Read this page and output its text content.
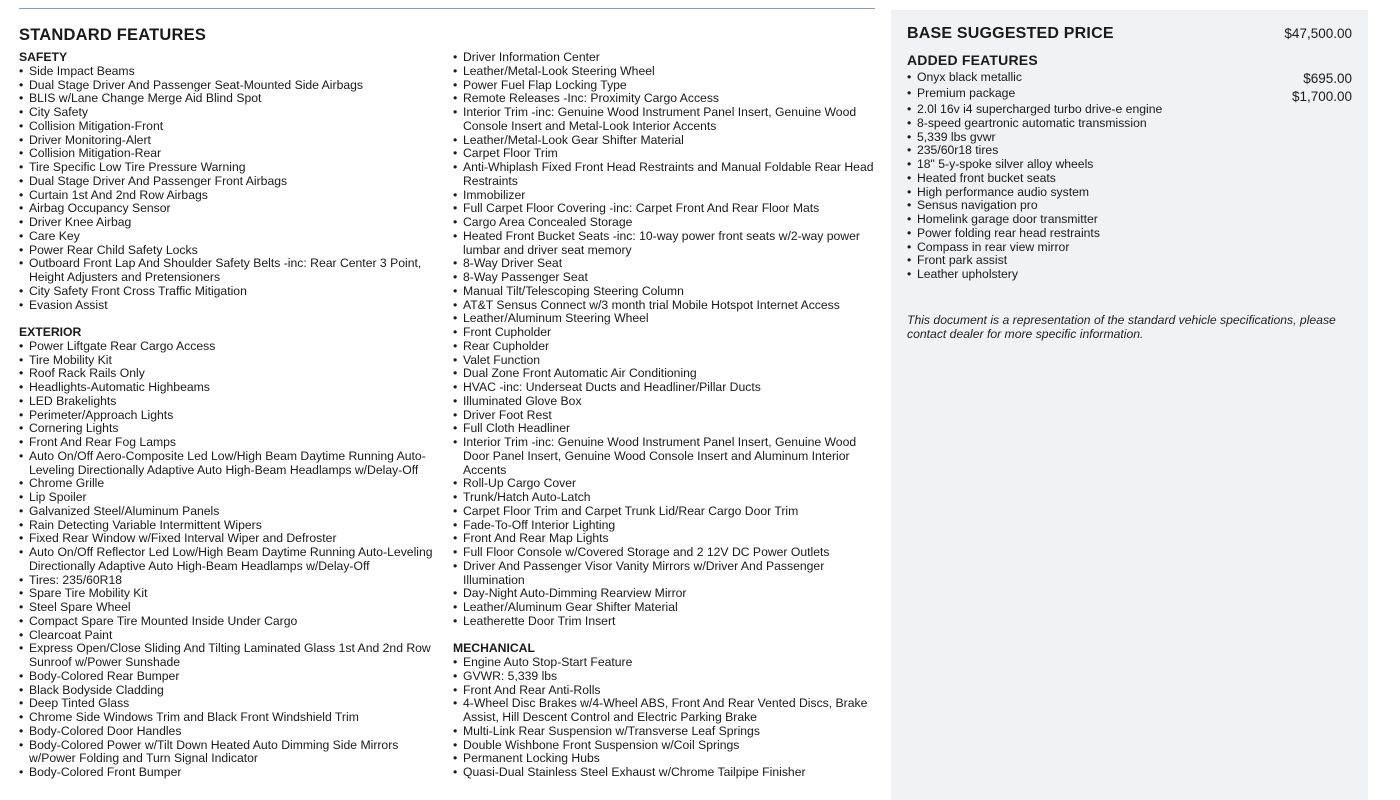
STANDARD FEATURES
SAFETY
• Side Impact Beams
• Dual Stage Driver And Passenger Seat-Mounted Side Airbags
• BLIS w/Lane Change Merge Aid Blind Spot
• City Safety
• Collision Mitigation-Front
• Driver Monitoring-Alert
• Collision Mitigation-Rear
• Tire Specific Low Tire Pressure Warning
• Dual Stage Driver And Passenger Front Airbags
• Curtain 1st And 2nd Row Airbags
• Airbag Occupancy Sensor
• Driver Knee Airbag
• Care Key
• Power Rear Child Safety Locks
• Outboard Front Lap And Shoulder Safety Belts -inc: Rear Center 3 Point, Height Adjusters and Pretensioners
• City Safety Front Cross Traffic Mitigation
• Evasion Assist
EXTERIOR
• Power Liftgate Rear Cargo Access
• Tire Mobility Kit
• Roof Rack Rails Only
• Headlights-Automatic Highbeams
• LED Brakelights
• Perimeter/Approach Lights
• Cornering Lights
• Front And Rear Fog Lamps
• Auto On/Off Aero-Composite Led Low/High Beam Daytime Running Auto-Leveling Directionally Adaptive Auto High-Beam Headlamps w/Delay-Off
• Chrome Grille
• Lip Spoiler
• Galvanized Steel/Aluminum Panels
• Rain Detecting Variable Intermittent Wipers
• Fixed Rear Window w/Fixed Interval Wiper and Defroster
• Auto On/Off Reflector Led Low/High Beam Daytime Running Auto-Leveling Directionally Adaptive Auto High-Beam Headlamps w/Delay-Off
• Tires: 235/60R18
• Spare Tire Mobility Kit
• Steel Spare Wheel
• Compact Spare Tire Mounted Inside Under Cargo
• Clearcoat Paint
• Express Open/Close Sliding And Tilting Laminated Glass 1st And 2nd Row Sunroof w/Power Sunshade
• Body-Colored Rear Bumper
• Black Bodyside Cladding
• Deep Tinted Glass
• Chrome Side Windows Trim and Black Front Windshield Trim
• Body-Colored Door Handles
• Body-Colored Power w/Tilt Down Heated Auto Dimming Side Mirrors w/Power Folding and Turn Signal Indicator
• Body-Colored Front Bumper
• Driver Information Center
• Leather/Metal-Look Steering Wheel
• Power Fuel Flap Locking Type
• Remote Releases -Inc: Proximity Cargo Access
• Interior Trim -inc: Genuine Wood Instrument Panel Insert, Genuine Wood Console Insert and Metal-Look Interior Accents
• Leather/Metal-Look Gear Shifter Material
• Carpet Floor Trim
• Anti-Whiplash Fixed Front Head Restraints and Manual Foldable Rear Head Restraints
• Immobilizer
• Full Carpet Floor Covering -inc: Carpet Front And Rear Floor Mats
• Cargo Area Concealed Storage
• Heated Front Bucket Seats -inc: 10-way power front seats w/2-way power lumbar and driver seat memory
• 8-Way Driver Seat
• 8-Way Passenger Seat
• Manual Tilt/Telescoping Steering Column
• AT&T Sensus Connect w/3 month trial Mobile Hotspot Internet Access
• Leather/Aluminum Steering Wheel
• Front Cupholder
• Rear Cupholder
• Valet Function
• Dual Zone Front Automatic Air Conditioning
• HVAC -inc: Underseat Ducts and Headliner/Pillar Ducts
• Illuminated Glove Box
• Driver Foot Rest
• Full Cloth Headliner
• Interior Trim -inc: Genuine Wood Instrument Panel Insert, Genuine Wood Door Panel Insert, Genuine Wood Console Insert and Aluminum Interior Accents
• Roll-Up Cargo Cover
• Trunk/Hatch Auto-Latch
• Carpet Floor Trim and Carpet Trunk Lid/Rear Cargo Door Trim
• Fade-To-Off Interior Lighting
• Front And Rear Map Lights
• Full Floor Console w/Covered Storage and 2 12V DC Power Outlets
• Driver And Passenger Visor Vanity Mirrors w/Driver And Passenger Illumination
• Day-Night Auto-Dimming Rearview Mirror
• Leather/Aluminum Gear Shifter Material
• Leatherette Door Trim Insert
MECHANICAL
• Engine Auto Stop-Start Feature
• GVWR: 5,339 lbs
• Front And Rear Anti-Rolls
• 4-Wheel Disc Brakes w/4-Wheel ABS, Front And Rear Vented Discs, Brake Assist, Hill Descent Control and Electric Parking Brake
• Multi-Link Rear Suspension w/Transverse Leaf Springs
• Double Wishbone Front Suspension w/Coil Springs
• Permanent Locking Hubs
• Quasi-Dual Stainless Steel Exhaust w/Chrome Tailpipe Finisher
BASE SUGGESTED PRICE	$47,500.00
ADDED FEATURES
• Onyx black metallic	$695.00
• Premium package	$1,700.00
• 2.0l 16v i4 supercharged turbo drive-e engine
• 8-speed geartronic automatic transmission
• 5,339 lbs gvwr
• 235/60r18 tires
• 18" 5-y-spoke silver alloy wheels
• Heated front bucket seats
• High performance audio system
• Sensus navigation pro
• Homelink garage door transmitter
• Power folding rear head restraints
• Compass in rear view mirror
• Front park assist
• Leather upholstery
This document is a representation of the standard vehicle specifications, please contact dealer for more specific information.
